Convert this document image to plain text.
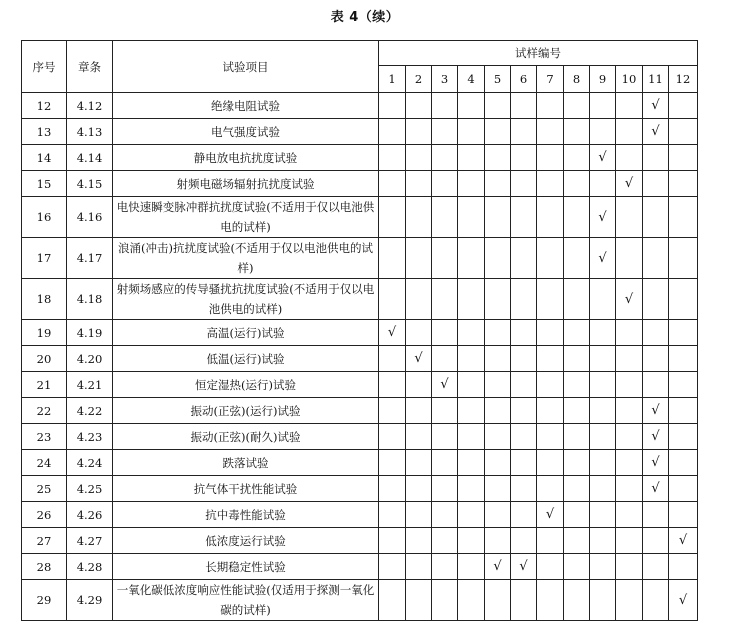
表 4（续）
序号	章条	试验项目	试样编号											
			1	2	3	4	5	6	7	8	9	10	11	12
12	4.12	绝缘电阻试验											√	
13	4.13	电气强度试验											√	
14	4.14	静电放电抗扰度试验									√			
15	4.15	射频电磁场辐射抗扰度试验										√		
16	4.16	电快速瞬变脉冲群抗扰度试验(不适用于仅以电池供电的试样)									√			
17	4.17	浪涌(冲击)抗扰度试验(不适用于仅以电池供电的试样)									√			
18	4.18	射频场感应的传导骚扰抗扰度试验(不适用于仅以电池供电的试样)										√		
19	4.19	高温(运行)试验	√											
20	4.20	低温(运行)试验		√										
21	4.21	恒定湿热(运行)试验			√									
22	4.22	振动(正弦)(运行)试验											√	
23	4.23	振动(正弦)(耐久)试验											√	
24	4.24	跌落试验											√	
25	4.25	抗气体干扰性能试验											√	
26	4.26	抗中毒性能试验							√					
27	4.27	低浓度运行试验												√
28	4.28	长期稳定性试验					√	√						
29	4.29	一氧化碳低浓度响应性能试验(仅适用于探测一氧化碳的试样)												√
